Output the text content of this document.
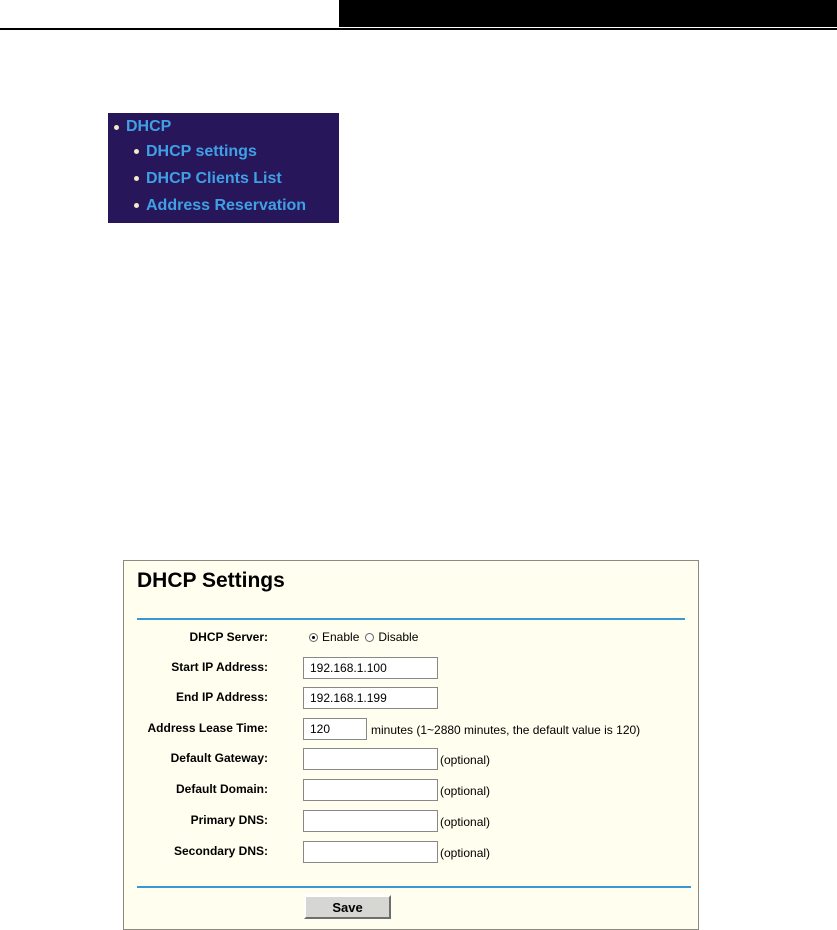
DHCP
DHCP settings
DHCP Clients List
Address Reservation
DHCP Settings
DHCP Server:	Enable Disable
Start IP Address:
192.168.1.100
End IP Address:
192.168.1.199
Address Lease Time:
120	minutes (1~2880 minutes, the default value is 120)
Default Gateway:	(optional)
Default Domain:	(optional)
Primary DNS:	(optional)
Secondary DNS:	(optional)
Save
